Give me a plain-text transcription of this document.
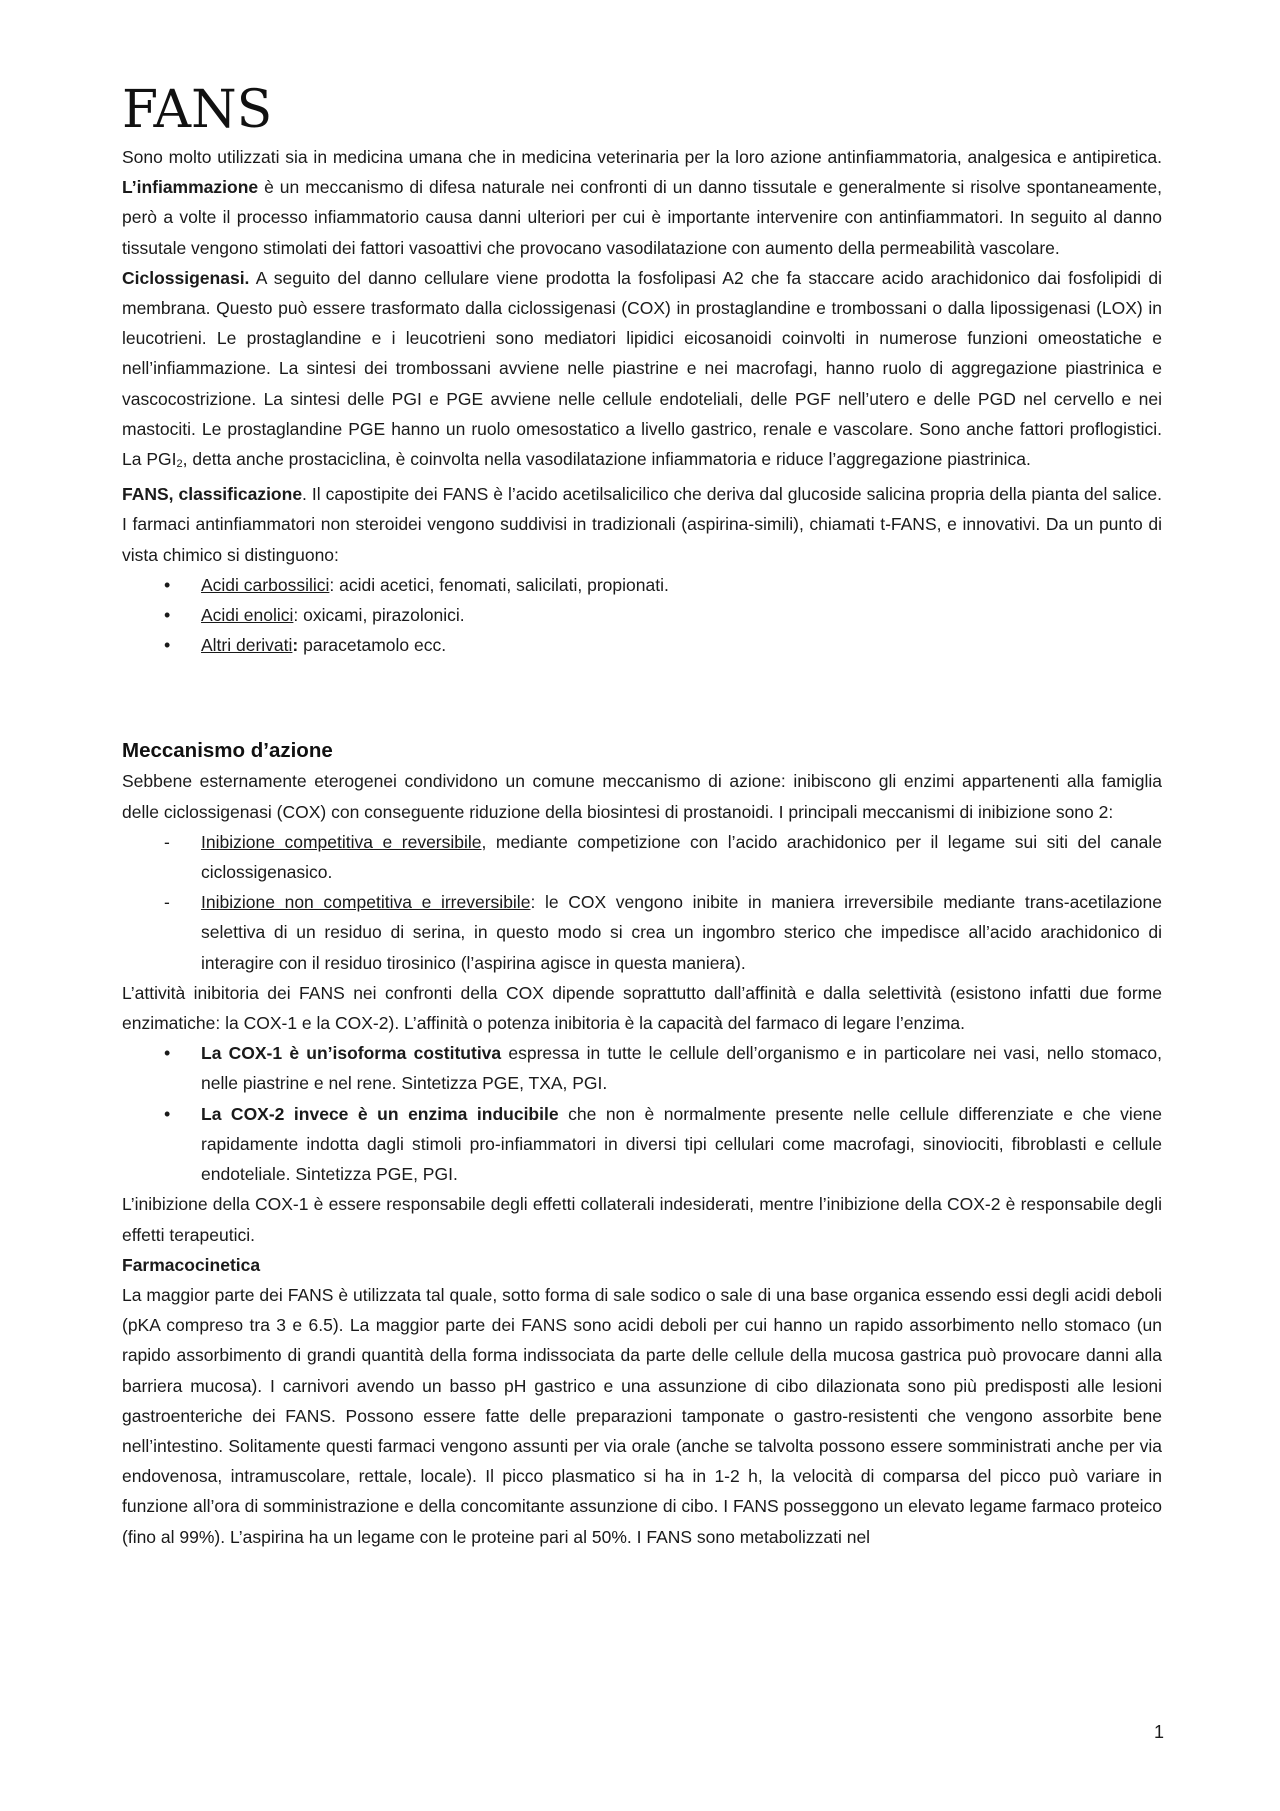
FANS

Sono molto utilizzati sia in medicina umana che in medicina veterinaria per la loro azione antinfiammatoria, analgesica e antipiretica. L’infiammazione è un meccanismo di difesa naturale nei confronti di un danno tissutale e generalmente si risolve spontaneamente, però a volte il processo infiammatorio causa danni ulteriori per cui è importante intervenire con antinfiammatori. In seguito al danno tissutale vengono stimolati dei fattori vasoattivi che provocano vasodilatazione con aumento della permeabilità vascolare.

Ciclossigenasi. A seguito del danno cellulare viene prodotta la fosfolipasi A2 che fa staccare acido arachidonico dai fosfolipidi di membrana. Questo può essere trasformato dalla ciclossigenasi (COX) in prostaglandine e trombossani o dalla lipossigenasi (LOX) in leucotrieni. Le prostaglandine e i leucotrieni sono mediatori lipidici eicosanoidi coinvolti in numerose funzioni omeostatiche e nell’infiammazione. La sintesi dei trombossani avviene nelle piastrine e nei macrofagi, hanno ruolo di aggregazione piastrinica e vascocostrizione. La sintesi delle PGI e PGE avviene nelle cellule endoteliali, delle PGF nell’utero e delle PGD nel cervello e nei mastociti. Le prostaglandine PGE hanno un ruolo omesostatico a livello gastrico, renale e vascolare. Sono anche fattori proflogistici. La $PGI_2$, detta anche prostaciclina, è coinvolta nella vasodilatazione infiammatoria e riduce l’aggregazione piastrinica.

FANS, classificazione. Il capostipite dei FANS è l’acido acetilsalicilico che deriva dal glucoside salicina propria della pianta del salice. I farmaci antinfiammatori non steroidei vengono suddivisi in tradizionali (aspirina-simili), chiamati t-FANS, e innovativi. Da un punto di vista chimico si distinguono:

• Acidi carbossilici: acidi acetici, fenomati, salicilati, propionati.
• Acidi enolici: oxicami, pirazolonici.
• Altri derivati: paracetamolo ecc.
Meccanismo d’azione

Sebbene esternamente eterogenei condividono un comune meccanismo di azione: inibiscono gli enzimi appartenenti alla famiglia delle ciclossigenasi (COX) con conseguente riduzione della biosintesi di prostanoidi. I principali meccanismi di inibizione sono 2:

- Inibizione competitiva e reversibile, mediante competizione con l’acido arachidonico per il legame sui siti del canale ciclossigenasico.
- Inibizione non competitiva e irreversibile: le COX vengono inibite in maniera irreversibile mediante trans-acetilazione selettiva di un residuo di serina, in questo modo si crea un ingombro sterico che impedisce all’acido arachidonico di interagire con il residuo tirosinico (l’aspirina agisce in questa maniera).

L’attività inibitoria dei FANS nei confronti della COX dipende soprattutto dall’affinità e dalla selettività (esistono infatti due forme enzimatiche: la COX-1 e la COX-2). L’affinità o potenza inibitoria è la capacità del farmaco di legare l’enzima.

• La COX-1 è un’isoforma costitutiva espressa in tutte le cellule dell’organismo e in particolare nei vasi, nello stomaco, nelle piastrine e nel rene. Sintetizza PGE, TXA, PGI.
• La COX-2 invece è un enzima inducibile che non è normalmente presente nelle cellule differenziate e che viene rapidamente indotta dagli stimoli pro-infiammatori in diversi tipi cellulari come macrofagi, sinoviociti, fibroblasti e cellule endoteliale. Sintetizza PGE, PGI.

L’inibizione della COX-1 è essere responsabile degli effetti collaterali indesiderati, mentre l’inibizione della COX-2 è responsabile degli effetti terapeutici.

Farmacocinetica

La maggior parte dei FANS è utilizzata tal quale, sotto forma di sale sodico o sale di una base organica essendo essi degli acidi deboli (pKA compreso tra 3 e 6.5). La maggior parte dei FANS sono acidi deboli per cui hanno un rapido assorbimento nello stomaco (un rapido assorbimento di grandi quantità della forma indissociata da parte delle cellule della mucosa gastrica può provocare danni alla barriera mucosa). I carnivori avendo un basso pH gastrico e una assunzione di cibo dilazionata sono più predisposti alle lesioni gastroenteriche dei FANS. Possono essere fatte delle preparazioni tamponate o gastro-resistenti che vengono assorbite bene nell’intestino. Solitamente questi farmaci vengono assunti per via orale (anche se talvolta possono essere somministrati anche per via endovenosa, intramuscolare, rettale, locale). Il picco plasmatico si ha in 1-2 h, la velocità di comparsa del picco può variare in funzione all’ora di somministrazione e della concomitante assunzione di cibo. I FANS posseggono un elevato legame farmaco proteico (fino al 99%). L’aspirina ha un legame con le proteine pari al 50%. I FANS sono metabolizzati nel

1
